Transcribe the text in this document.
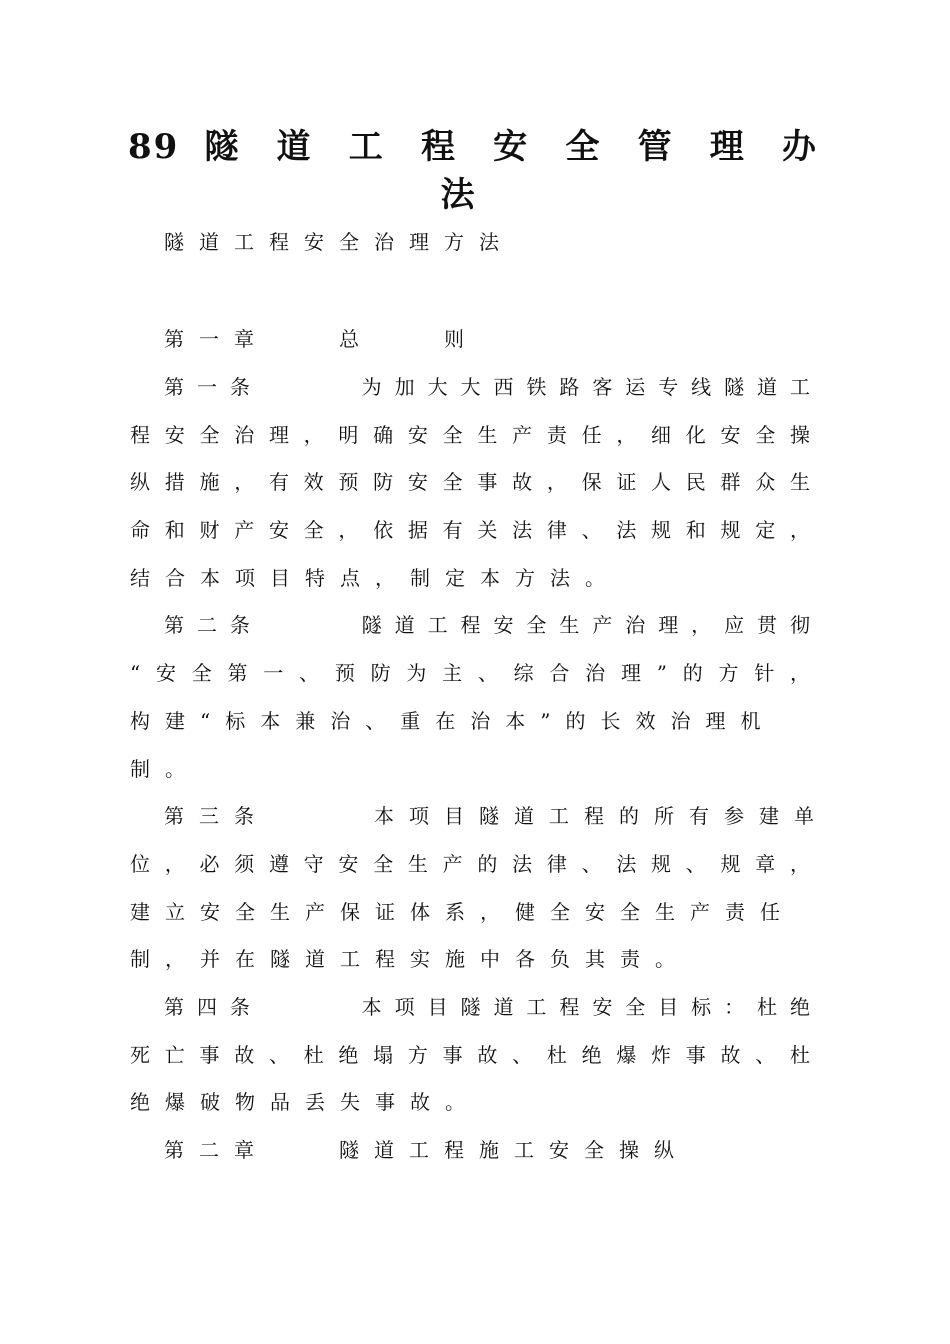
89 隧 道 工 程 安 全 管 理 办
法
隧道工程安全治理方法
第一章　　总　　则
第一条　　　为加大大西铁路客运专线隧道工
程安全治理，明确安全生产责任，细化安全操
纵措施，有效预防安全事故，保证人民群众生
命和财产安全，依据有关法律、法规和规定，
结合本项目特点，制定本方法。
第二条　　　隧道工程安全生产治理，应贯彻
“安全第一、预防为主、综合治理”的方针，
构建“标本兼治、重在治本”的长效治理机
制。
第三条　　　本项目隧道工程的所有参建单
位，必须遵守安全生产的法律、法规、规章，
建立安全生产保证体系，健全安全生产责任
制，并在隧道工程实施中各负其责。
第四条　　　本项目隧道工程安全目标：杜绝
死亡事故、杜绝塌方事故、杜绝爆炸事故、杜
绝爆破物品丢失事故。
第二章　　隧道工程施工安全操纵
